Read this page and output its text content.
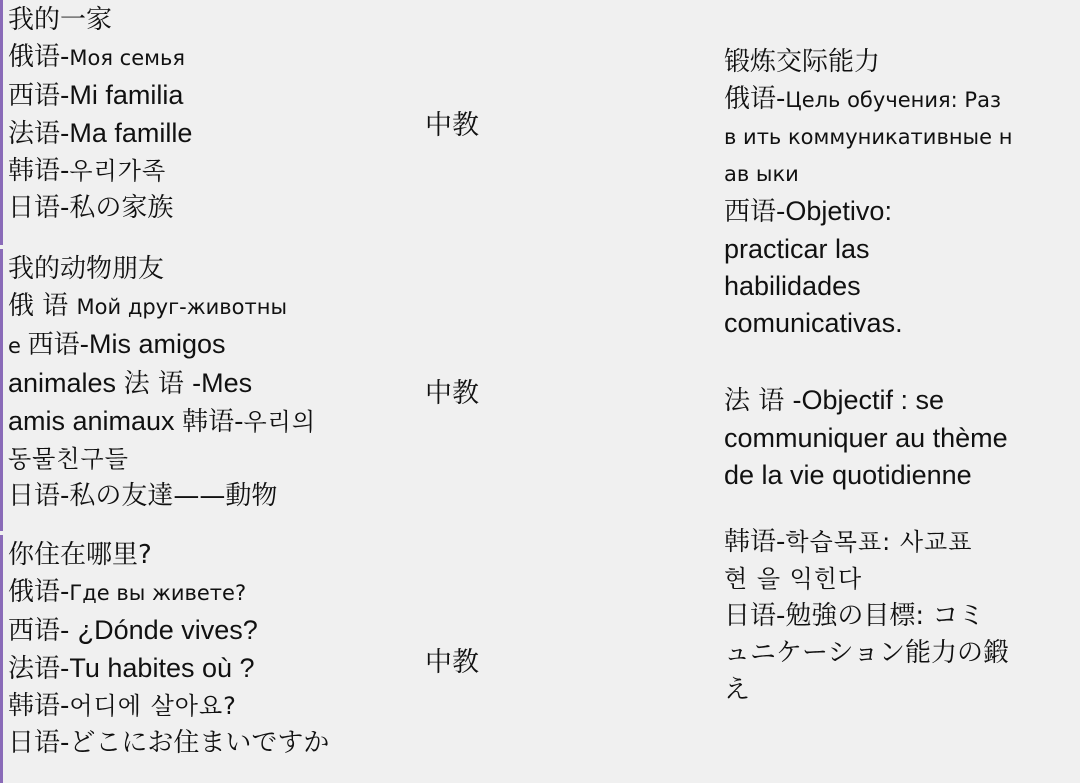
我的一家
俄语-Моя семья
西语-Mi familia
法语-Ma famille
韩语-우리가족
日语-私の家族
中教
我的动物朋友
俄 语 Мой друг-животны
е 西语-Mis amigos
animales 法 语 -Mes
amis animaux 韩语-우리의
동물친구들
日语-私の友達——動物
中教
你住在哪里?
俄语-Где вы живете?
西语- ¿Dónde vives?
法语-Tu habites où ?
韩语-어디에 살아요?
日语-どこにお住まいですか
中教
锻炼交际能力
俄语-Цель обучения: Раз
в ить коммуникативные н
ав ыки
西语-Objetivo:
practicar las
habilidades
comunicativas.
法 语 -Objectif : se
communiquer au thème
de la vie quotidienne
韩语-학습목표: 사교표
현 을 익힌다
日语-勉強の目標: コミ
ュニケーション能力の鍛
え
